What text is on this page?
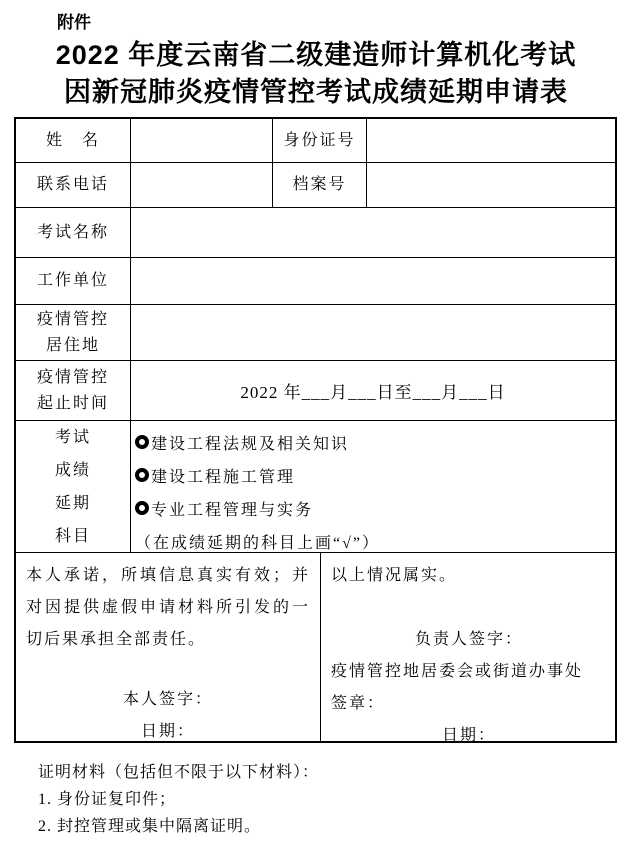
附件
2022 年度云南省二级建造师计算机化考试
因新冠肺炎疫情管控考试成绩延期申请表
姓　名	身份证号
联系电话	档案号
考试名称
工作单位
疫情管控
居住地
疫情管控
起止时间
2022 年___月___日至___月___日
考试
成绩
延期
科目
建设工程法规及相关知识
建设工程施工管理
专业工程管理与实务
（在成绩延期的科目上画“√”）
本人承诺，所填信息真实有效；并对因提供虚假申请材料所引发的一切后果承担全部责任。
本人签字：
日期：
以上情况属实。
负责人签字：
疫情管控地居委会或街道办事处
签章：
日期：
证明材料（包括但不限于以下材料）：
1. 身份证复印件；
2. 封控管理或集中隔离证明。
